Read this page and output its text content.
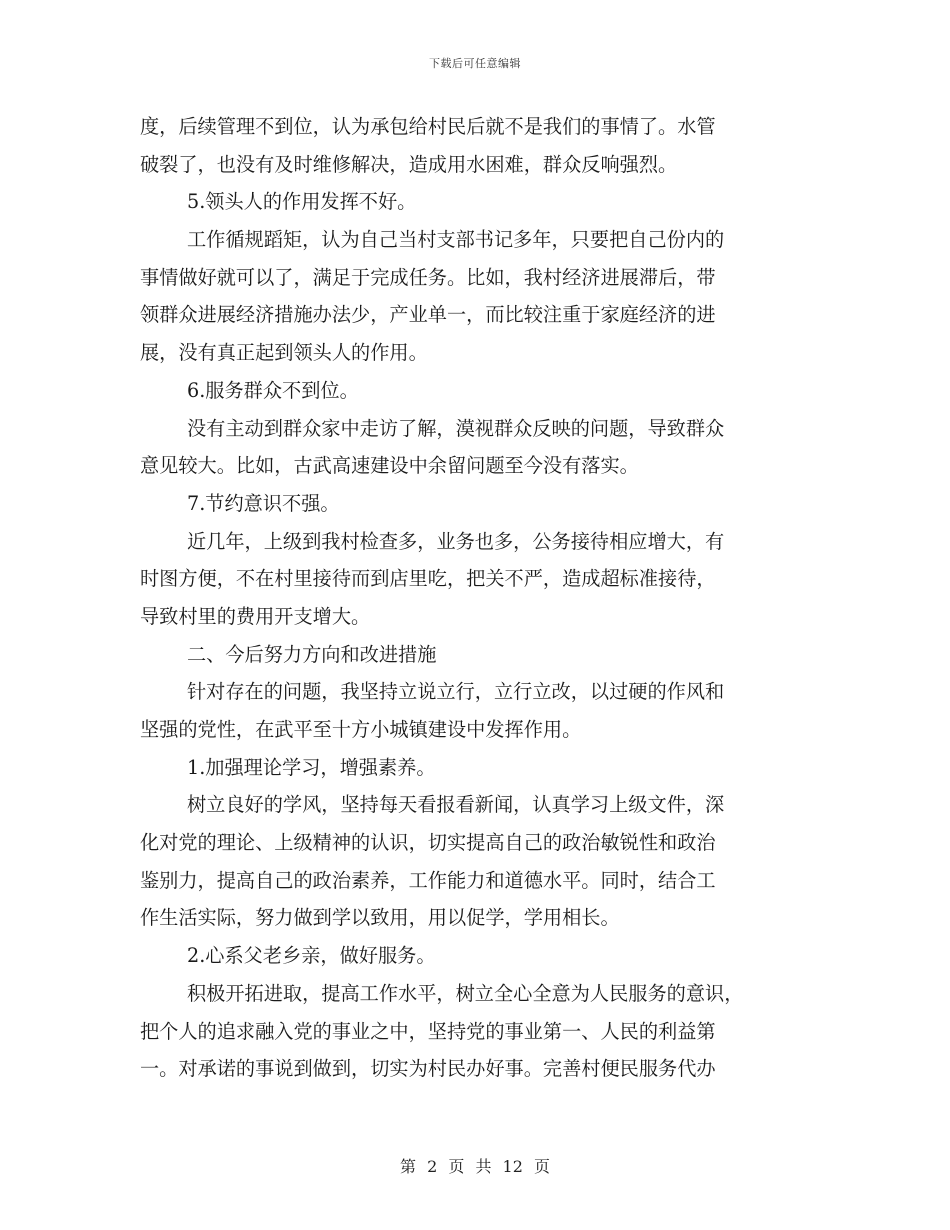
下载后可任意编辑
度，后续管理不到位，认为承包给村民后就不是我们的事情了。水管
破裂了，也没有及时维修解决，造成用水困难，群众反响强烈。
5.领头人的作用发挥不好。
工作循规蹈矩，认为自己当村支部书记多年，只要把自己份内的
事情做好就可以了，满足于完成任务。比如，我村经济进展滞后，带
领群众进展经济措施办法少，产业单一，而比较注重于家庭经济的进
展，没有真正起到领头人的作用。
6.服务群众不到位。
没有主动到群众家中走访了解，漠视群众反映的问题，导致群众
意见较大。比如，古武高速建设中余留问题至今没有落实。
7.节约意识不强。
近几年，上级到我村检查多，业务也多，公务接待相应增大，有
时图方便，不在村里接待而到店里吃，把关不严，造成超标准接待，
导致村里的费用开支增大。
二、今后努力方向和改进措施
针对存在的问题，我坚持立说立行，立行立改，以过硬的作风和
坚强的党性，在武平至十方小城镇建设中发挥作用。
1.加强理论学习，增强素养。
树立良好的学风，坚持每天看报看新闻，认真学习上级文件，深
化对党的理论、上级精神的认识，切实提高自己的政治敏锐性和政治
鉴别力，提高自己的政治素养，工作能力和道德水平。同时，结合工
作生活实际，努力做到学以致用，用以促学，学用相长。
2.心系父老乡亲，做好服务。
积极开拓进取，提高工作水平，树立全心全意为人民服务的意识，
把个人的追求融入党的事业之中，坚持党的事业第一、人民的利益第
一。对承诺的事说到做到，切实为村民办好事。完善村便民服务代办
第 2 页 共 12 页
